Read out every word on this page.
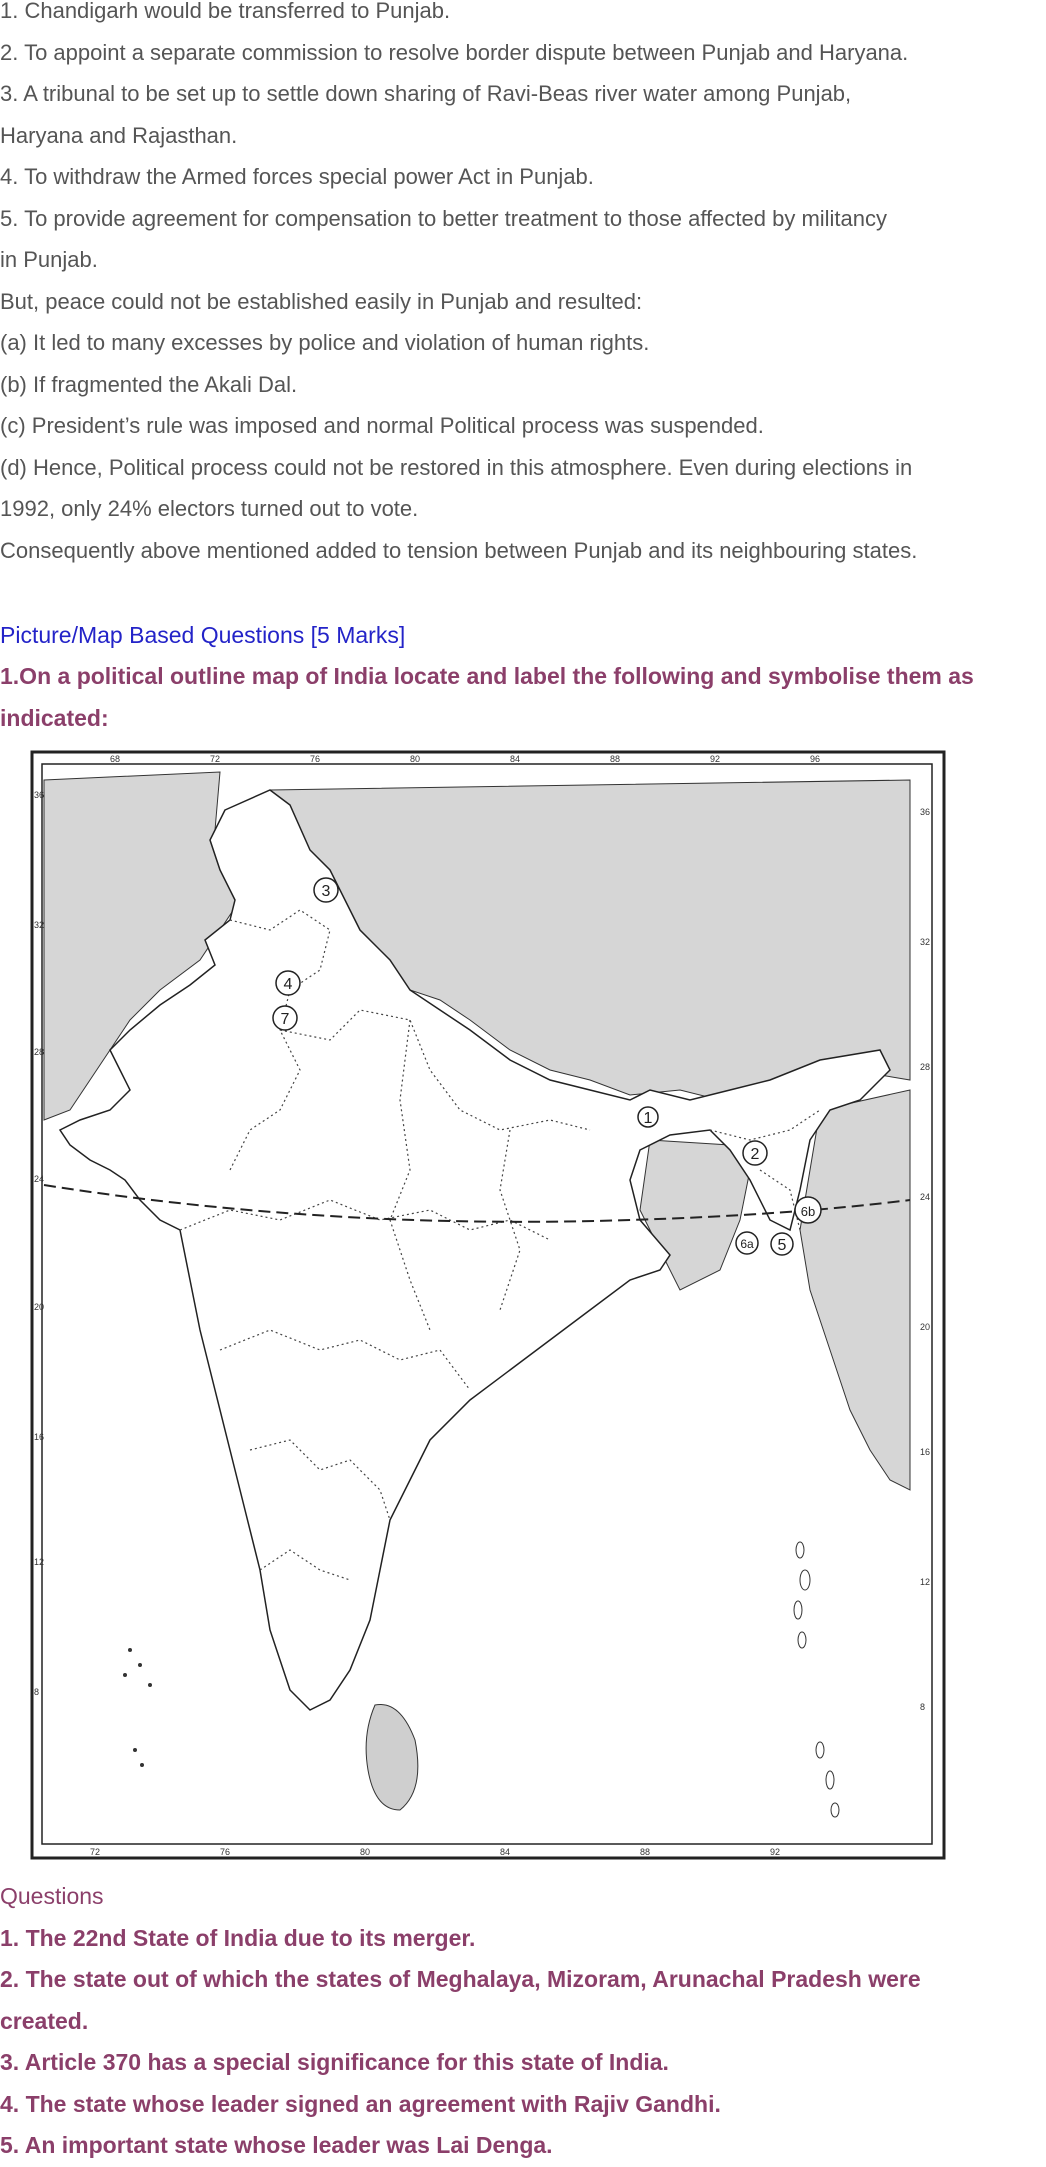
1. Chandigarh would be transferred to Punjab.

2. To appoint a separate commission to resolve border dispute between Punjab and Haryana.

3. A tribunal to be set up to settle down sharing of Ravi-Beas river water among Punjab,

Haryana and Rajasthan.

4. To withdraw the Armed forces special power Act in Punjab.

5. To provide agreement for compensation to better treatment to those affected by militancy

in Punjab.

But, peace could not be established easily in Punjab and resulted:

(a) It led to many excesses by police and violation of human rights.

(b) If fragmented the Akali Dal.

(c) President’s rule was imposed and normal Political process was suspended.

(d) Hence, Political process could not be restored in this atmosphere. Even during elections in

1992, only 24% electors turned out to vote.

Consequently above mentioned added to tension between Punjab and its neighbouring states.

Picture/Map Based Questions [5 Marks]

1.On a political outline map of India locate and label the following and symbolise them as

indicated:

68	72	76	80	84	88	92	96
72	76	80	84	88	92
36
32
28
24
20
16
12
8
36
32
28
24
20
16
12
8
3
4
7
1
2
6b
6a 5

Questions

1. The 22nd State of India due to its merger.

2. The state out of which the states of Meghalaya, Mizoram, Arunachal Pradesh were

created.

3. Article 370 has a special significance for this state of India.

4. The state whose leader signed an agreement with Rajiv Gandhi.

5. An important state whose leader was Lai Denga.
